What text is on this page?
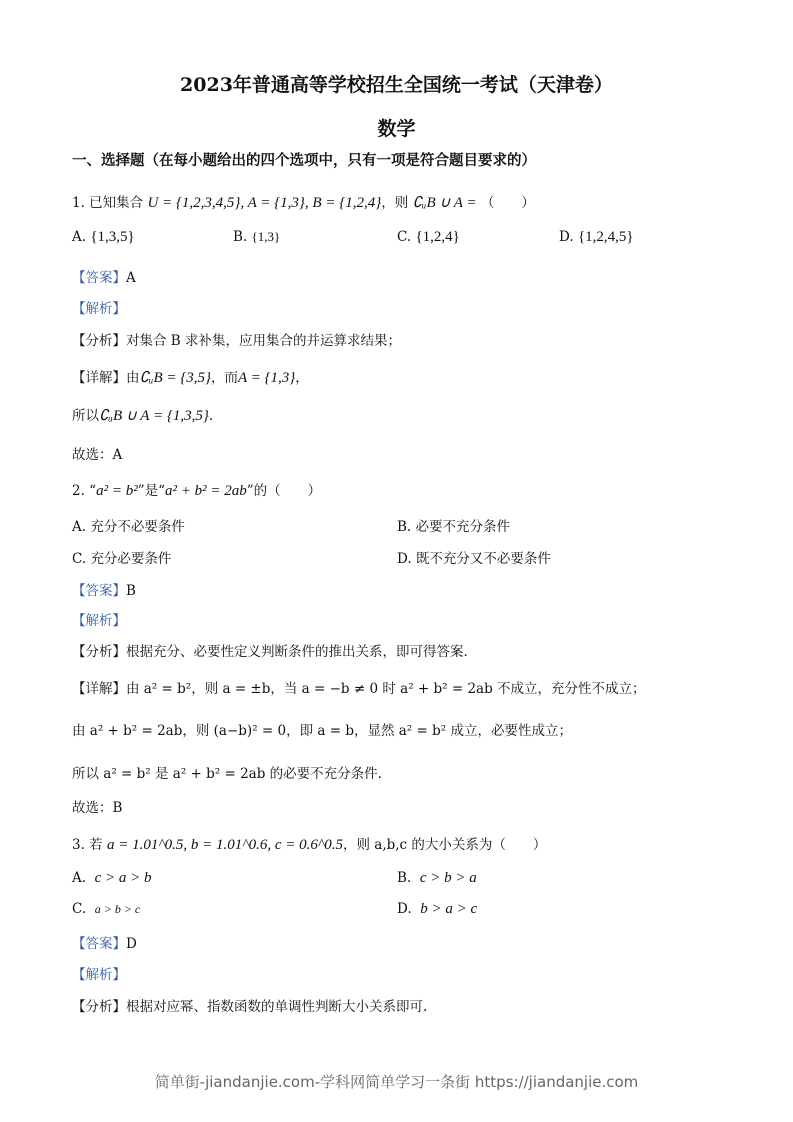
2023年普通高等学校招生全国统一考试（天津卷）
数学
一、选择题（在每小题给出的四个选项中，只有一项是符合题目要求的）
1. 已知集合 U = {1,2,3,4,5}, A = {1,3}, B = {1,2,4}，则 ∁ᵤB ∪ A = （　　）
A. {1,3,5}	B. {1,3}	C. {1,2,4}	D. {1,2,4,5}
【答案】A
【解析】
【分析】对集合 B 求补集，应用集合的并运算求结果；
【详解】由∁ᵤB = {3,5}，而A = {1,3}，
所以∁ᵤB ∪ A = {1,3,5}.
故选：A
2. “a² = b²”是“a² + b² = 2ab”的（　　）
A. 充分不必要条件	B. 必要不充分条件
C. 充分必要条件	D. 既不充分又不必要条件
【答案】B
【解析】
【分析】根据充分、必要性定义判断条件的推出关系，即可得答案.
【详解】由 a² = b²，则 a = ±b，当 a = −b ≠ 0 时 a² + b² = 2ab 不成立，充分性不成立；
由 a² + b² = 2ab，则 (a−b)² = 0，即 a = b，显然 a² = b² 成立，必要性成立；
所以 a² = b² 是 a² + b² = 2ab 的必要不充分条件.
故选：B
3. 若 a = 1.01^0.5, b = 1.01^0.6, c = 0.6^0.5，则 a,b,c 的大小关系为（　　）
A. c > a > b	B. c > b > a
C. a > b > c	D. b > a > c
【答案】D
【解析】
【分析】根据对应幂、指数函数的单调性判断大小关系即可.
简单街-jiandanjie.com-学科网简单学习一条街 https://jiandanjie.com
